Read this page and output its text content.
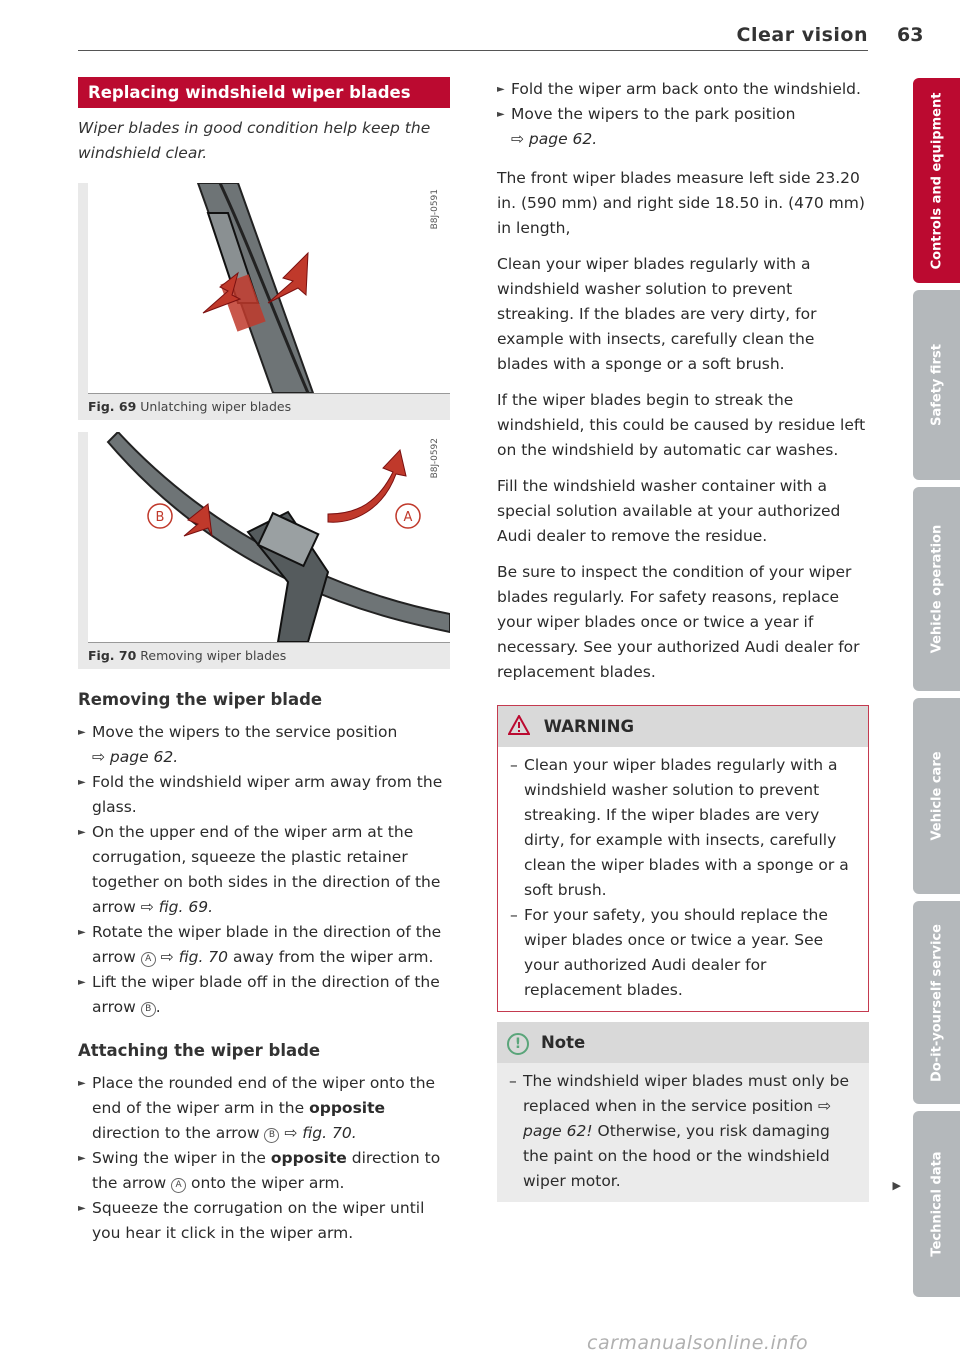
Clear vision 63
Replacing windshield wiper blades

Wiper blades in good condition help keep the windshield clear.

B8J-0591
Fig. 69 Unlatching wiper blades
B	A
B8J-0592
Fig. 70 Removing wiper blades
Removing the wiper blade
► Move the wipers to the service position
⇨ page 62.
► Fold the windshield wiper arm away from the glass.
► On the upper end of the wiper arm at the corrugation, squeeze the plastic retainer together on both sides in the direction of the arrow ⇨ fig. 69.
► Rotate the wiper blade in the direction of the arrow A ⇨ fig. 70 away from the wiper arm.
► Lift the wiper blade off in the direction of the arrow B .
Attaching the wiper blade
► Place the rounded end of the wiper onto the end of the wiper arm in the opposite direction to the arrow B ⇨ fig. 70.
► Swing the wiper in the opposite direction to the arrow A onto the wiper arm.
► Squeeze the corrugation on the wiper until you hear it click in the wiper arm.
► Fold the wiper arm back onto the windshield.
► Move the wipers to the park position
⇨ page 62.

The front wiper blades measure left side 23.20 in. (590 mm) and right side 18.50 in. (470 mm) in length,

Clean your wiper blades regularly with a windshield washer solution to prevent streaking. If the blades are very dirty, for example with insects, carefully clean the blades with a sponge or a soft brush.

If the wiper blades begin to streak the windshield, this could be caused by residue left on the windshield by automatic car washes.

Fill the windshield washer container with a special solution available at your authorized Audi dealer to remove the residue.

Be sure to inspect the condition of your wiper blades regularly. For safety reasons, replace your wiper blades once or twice a year if necessary. See your authorized Audi dealer for replacement blades.

WARNING
– Clean your wiper blades regularly with a windshield washer solution to prevent streaking. If the wiper blades are very dirty, for example with insects, carefully clean the wiper blades with a sponge or a soft brush.
– For your safety, you should replace the wiper blades once or twice a year. See your authorized Audi dealer for replacement blades.
! Note
– The windshield wiper blades must only be replaced when in the service position ⇨ page 62! Otherwise, you risk damaging the paint on the hood or the windshield wiper motor.	▶
Controls and equipment
Safety first
Vehicle operation
Vehicle care
Do-it-yourself service
Technical data
carmanualsonline.info
